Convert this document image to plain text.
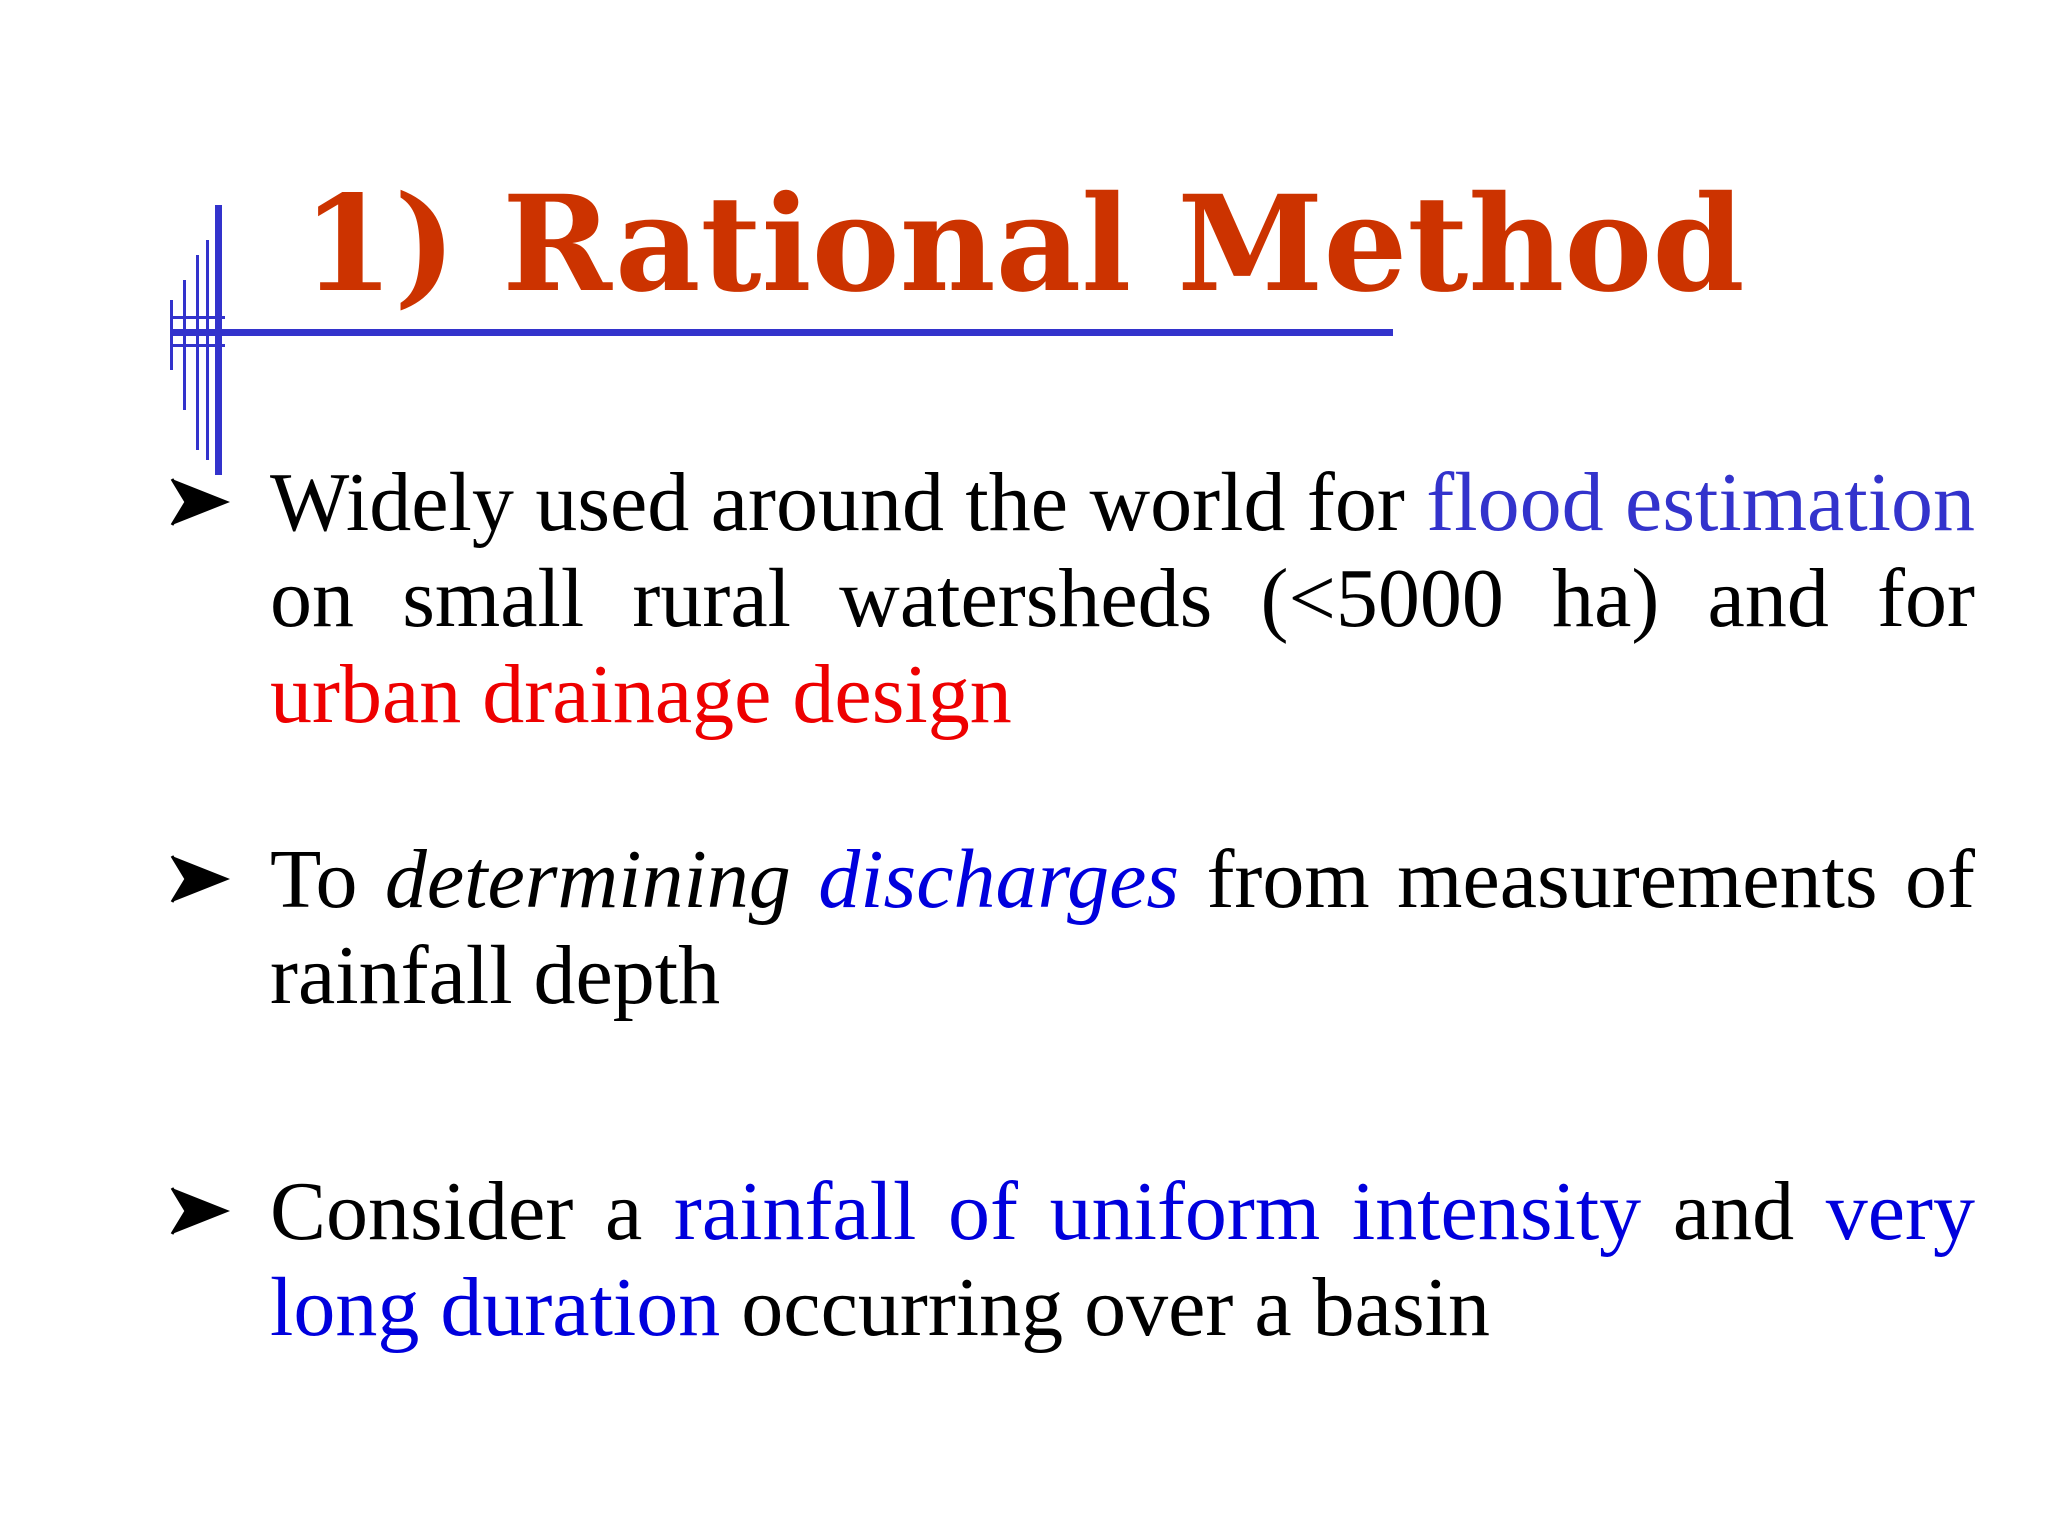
1) Rational Method
Widely used around the world for flood estimation on small rural watersheds (<5000 ha) and for urban drainage design
To determining discharges from measurements of rainfall depth
Consider a rainfall of uniform intensity and very long duration occurring over a basin
